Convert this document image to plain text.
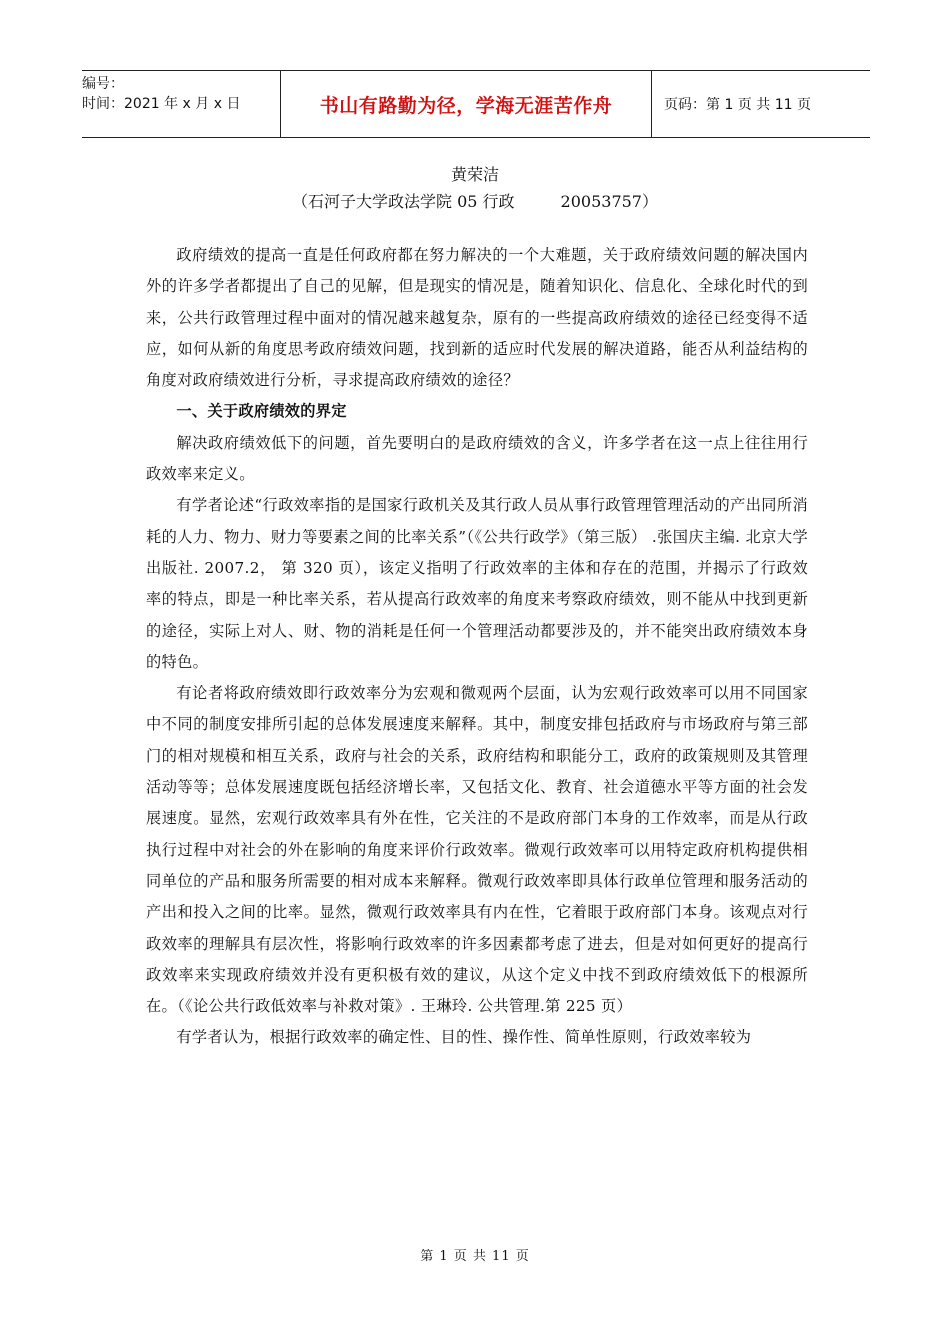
编号：
时间：2021 年 x 月 x 日	书山有路勤为径，学海无涯苦作舟	页码：第 1 页 共 11 页
黄荣洁
（石河子大学政法学院 05 行政	20053757）

政府绩效的提高一直是任何政府都在努力解决的一个大难题，关于政府绩效问题的解决国内外的许多学者都提出了自己的见解，但是现实的情况是，随着知识化、信息化、全球化时代的到来，公共行政管理过程中面对的情况越来越复杂，原有的一些提高政府绩效的途径已经变得不适应，如何从新的角度思考政府绩效问题，找到新的适应时代发展的解决道路，能否从利益结构的角度对政府绩效进行分析，寻求提高政府绩效的途径？

一、关于政府绩效的界定

解决政府绩效低下的问题，首先要明白的是政府绩效的含义，许多学者在这一点上往往用行政效率来定义。

有学者论述“行政效率指的是国家行政机关及其行政人员从事行政管理管理活动的产出同所消耗的人力、物力、财力等要素之间的比率关系”（《公共行政学》（第三版） .张国庆主编. 北京大学出版社. 2007.2， 第 320 页），该定义指明了行政效率的主体和存在的范围，并揭示了行政效率的特点，即是一种比率关系，若从提高行政效率的角度来考察政府绩效，则不能从中找到更新的途径，实际上对人、财、物的消耗是任何一个管理活动都要涉及的，并不能突出政府绩效本身的特色。

有论者将政府绩效即行政效率分为宏观和微观两个层面，认为宏观行政效率可以用不同国家中不同的制度安排所引起的总体发展速度来解释。其中，制度安排包括政府与市场政府与第三部门的相对规模和相互关系，政府与社会的关系，政府结构和职能分工，政府的政策规则及其管理活动等等；总体发展速度既包括经济增长率，又包括文化、教育、社会道德水平等方面的社会发展速度。显然，宏观行政效率具有外在性，它关注的不是政府部门本身的工作效率，而是从行政执行过程中对社会的外在影响的角度来评价行政效率。微观行政效率可以用特定政府机构提供相同单位的产品和服务所需要的相对成本来解释。微观行政效率即具体行政单位管理和服务活动的产出和投入之间的比率。显然，微观行政效率具有内在性，它着眼于政府部门本身。该观点对行政效率的理解具有层次性，将影响行政效率的许多因素都考虑了进去，但是对如何更好的提高行政效率来实现政府绩效并没有更积极有效的建议，从这个定义中找不到政府绩效低下的根源所在。（《论公共行政低效率与补救对策》. 王琳玲. 公共管理.第 225 页）

有学者认为，根据行政效率的确定性、目的性、操作性、简单性原则，行政效率较为

第 1 页 共 11 页
